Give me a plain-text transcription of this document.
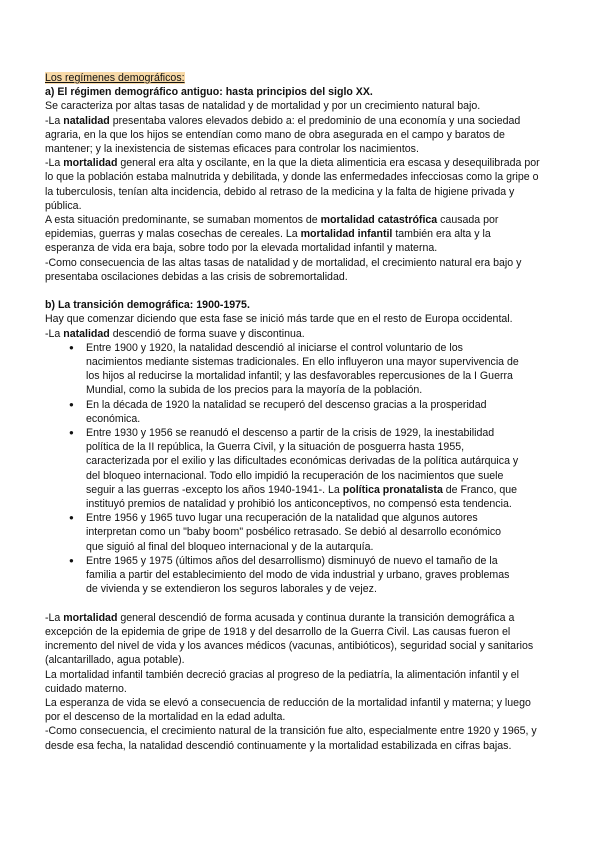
Los regímenes demográficos:
a) El régimen demográfico antiguo: hasta principios del siglo XX.
Se caracteriza por altas tasas de natalidad y de mortalidad y por un crecimiento natural bajo.
-La natalidad presentaba valores elevados debido a: el predominio de una economía y una sociedad
agraria, en la que los hijos se entendían como mano de obra asegurada en el campo y baratos de
mantener; y la inexistencia de sistemas eficaces para controlar los nacimientos.
-La mortalidad general era alta y oscilante, en la que la dieta alimenticia era escasa y desequilibrada por
lo que la población estaba malnutrida y debilitada, y donde las enfermedades infecciosas como la gripe o
la tuberculosis, tenían alta incidencia, debido al retraso de la medicina y la falta de higiene privada y
pública.
A esta situación predominante, se sumaban momentos de mortalidad catastrófica causada por
epidemias, guerras y malas cosechas de cereales. La mortalidad infantil también era alta y la
esperanza de vida era baja, sobre todo por la elevada mortalidad infantil y materna.
-Como consecuencia de las altas tasas de natalidad y de mortalidad, el crecimiento natural era bajo y
presentaba oscilaciones debidas a las crisis de sobremortalidad.
b) La transición demográfica: 1900-1975.
Hay que comenzar diciendo que esta fase se inició más tarde que en el resto de Europa occidental.
-La natalidad descendió de forma suave y discontinua.
● Entre 1900 y 1920, la natalidad descendió al iniciarse el control voluntario de los
nacimientos mediante sistemas tradicionales. En ello influyeron una mayor supervivencia de
los hijos al reducirse la mortalidad infantil; y las desfavorables repercusiones de la I Guerra
Mundial, como la subida de los precios para la mayoría de la población.
● En la década de 1920 la natalidad se recuperó del descenso gracias a la prosperidad
económica.
● Entre 1930 y 1956 se reanudó el descenso a partir de la crisis de 1929, la inestabilidad
política de la II república, la Guerra Civil, y la situación de posguerra hasta 1955,
caracterizada por el exilio y las dificultades económicas derivadas de la política autárquica y
del bloqueo internacional. Todo ello impidió la recuperación de los nacimientos que suele
seguir a las guerras -excepto los años 1940-1941-. La política pronatalista de Franco, que
instituyó premios de natalidad y prohibió los anticonceptivos, no compensó esta tendencia.
● Entre 1956 y 1965 tuvo lugar una recuperación de la natalidad que algunos autores
interpretan como un "baby boom" posbélico retrasado. Se debió al desarrollo económico
que siguió al final del bloqueo internacional y de la autarquía.
● Entre 1965 y 1975 (últimos años del desarrollismo) disminuyó de nuevo el tamaño de la
familia a partir del establecimiento del modo de vida industrial y urbano, graves problemas
de vivienda y se extendieron los seguros laborales y de vejez.
-La mortalidad general descendió de forma acusada y continua durante la transición demográfica a
excepción de la epidemia de gripe de 1918 y del desarrollo de la Guerra Civil. Las causas fueron el
incremento del nivel de vida y los avances médicos (vacunas, antibióticos), seguridad social y sanitarios
(alcantarillado, agua potable).
La mortalidad infantil también decreció gracias al progreso de la pediatría, la alimentación infantil y el
cuidado materno.
La esperanza de vida se elevó a consecuencia de reducción de la mortalidad infantil y materna; y luego
por el descenso de la mortalidad en la edad adulta.
-Como consecuencia, el crecimiento natural de la transición fue alto, especialmente entre 1920 y 1965, y
desde esa fecha, la natalidad descendió continuamente y la mortalidad estabilizada en cifras bajas.
